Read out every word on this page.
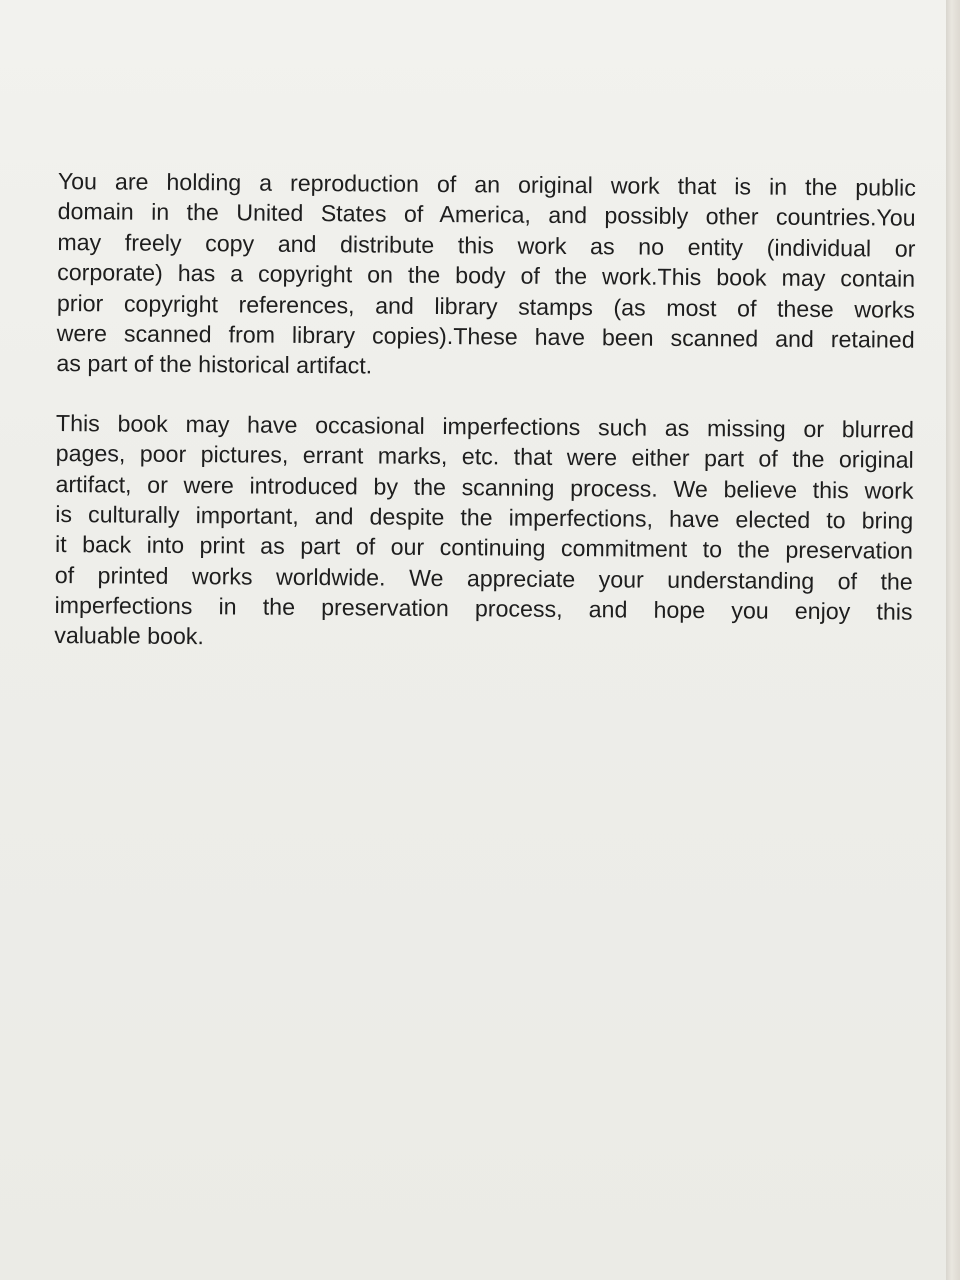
You are holding a reproduction of an original work that is in the public
domain in the United States of America, and possibly other countries.You
may freely copy and distribute this work as no entity (individual or
corporate) has a copyright on the body of the work.This book may contain
prior copyright references, and library stamps (as most of these works
were scanned from library copies).These have been scanned and retained
as part of the historical artifact.
This book may have occasional imperfections such as missing or blurred
pages, poor pictures, errant marks, etc. that were either part of the original
artifact, or were introduced by the scanning process. We believe this work
is culturally important, and despite the imperfections, have elected to bring
it back into print as part of our continuing commitment to the preservation
of printed works worldwide. We appreciate your understanding of the
imperfections in the preservation process, and hope you enjoy this
valuable book.
